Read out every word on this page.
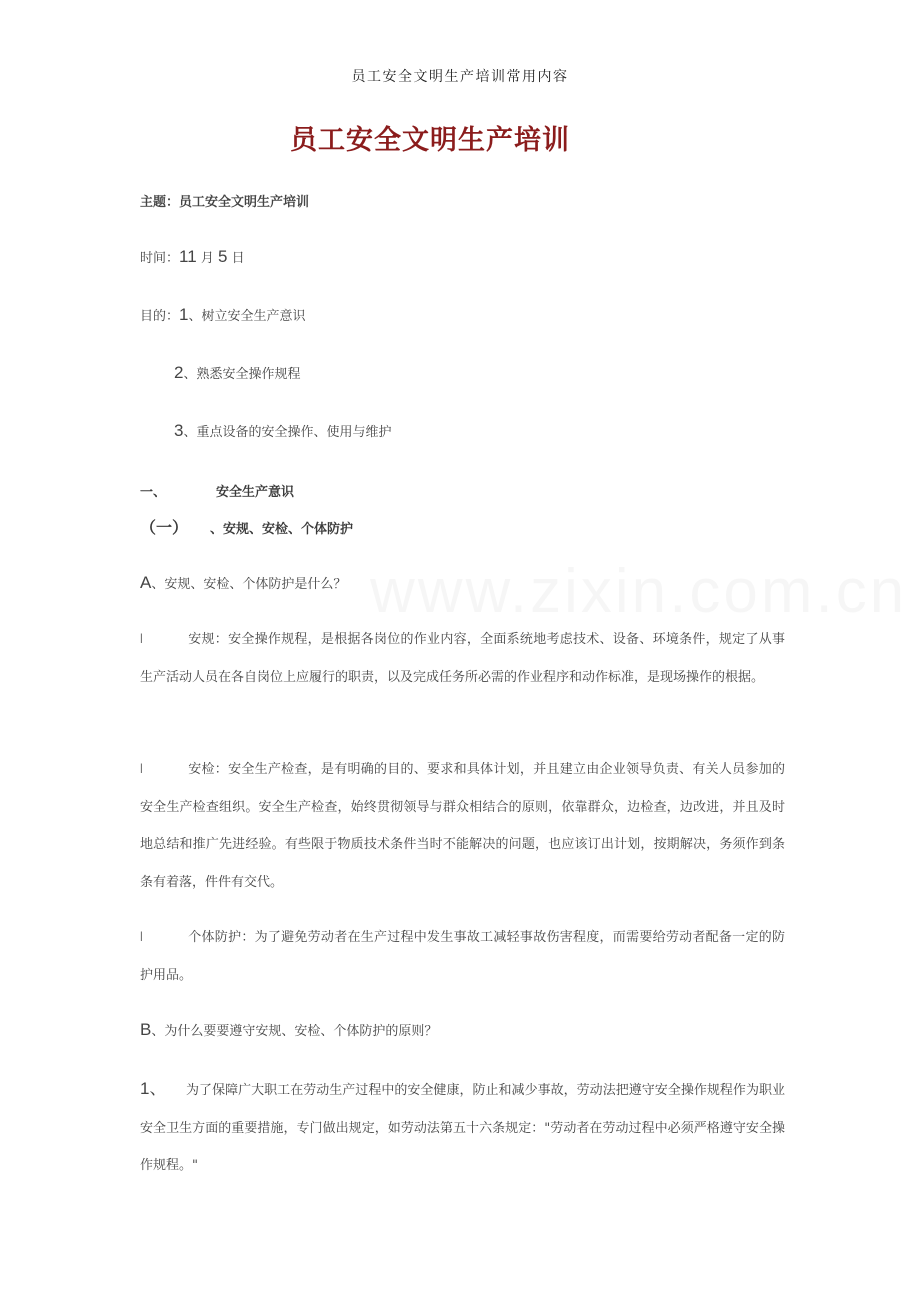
员工安全文明生产培训常用内容
员工安全文明生产培训
主题：员工安全文明生产培训
时间：11 月 5 日
目的：1、树立安全生产意识
2、熟悉安全操作规程
3、重点设备的安全操作、使用与维护
一、	安全生产意识
（一） 、安规、安检、个体防护
A、安规、安检、个体防护是什么？
l	安规：安全操作规程，是根据各岗位的作业内容，全面系统地考虑技术、设备、环境条件，规定了从事生产活动人员在各自岗位上应履行的职责，以及完成任务所必需的作业程序和动作标准，是现场操作的根据。
l	安检：安全生产检查，是有明确的目的、要求和具体计划，并且建立由企业领导负责、有关人员参加的安全生产检查组织。安全生产检查，始终贯彻领导与群众相结合的原则，依靠群众，边检查，边改进，并且及时地总结和推广先进经验。有些限于物质技术条件当时不能解决的问题，也应该订出计划，按期解决，务须作到条条有着落，件件有交代。
l	个体防护：为了避免劳动者在生产过程中发生事故工减轻事故伤害程度，而需要给劳动者配备一定的防护用品。
B、为什么要要遵守安规、安检、个体防护的原则？
1、 为了保障广大职工在劳动生产过程中的安全健康，防止和减少事故，劳动法把遵守安全操作规程作为职业安全卫生方面的重要措施，专门做出规定，如劳动法第五十六条规定："劳动者在劳动过程中必须严格遵守安全操作规程。"
